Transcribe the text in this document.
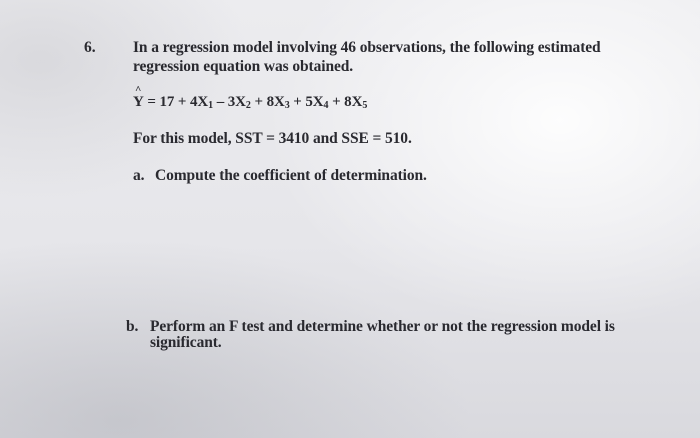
6. In a regression model involving 46 observations, the following estimated
regression equation was obtained.
^ $Y = 17 + 4X_1 - 3X_2 + 8X_3 + 5X_4 + 8X_5$
For this model, SST = 3410 and SSE = 510.
a. Compute the coefficient of determination.
b. Perform an F test and determine whether or not the regression model is
significant.
